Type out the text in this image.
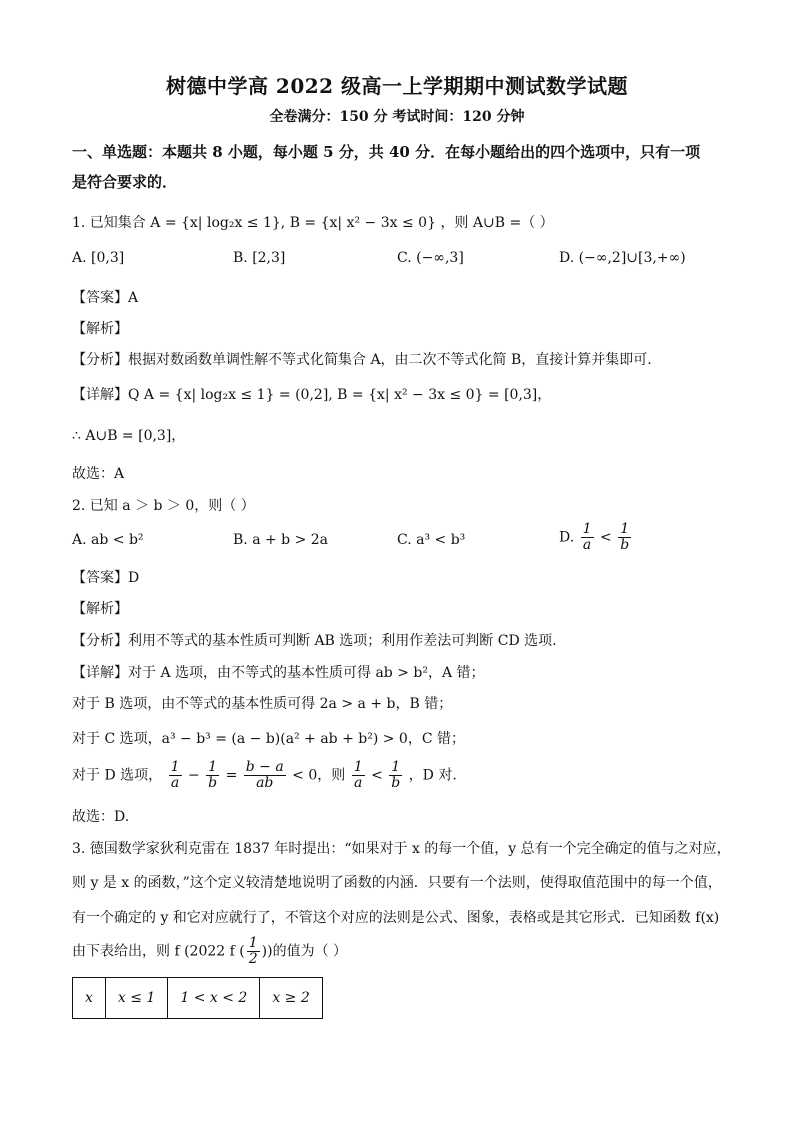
树德中学高 2022 级高一上学期期中测试数学试题
全卷满分：150 分 考试时间：120 分钟
一、单选题：本题共 8 小题，每小题 5 分，共 40 分．在每小题给出的四个选项中，只有一项
是符合要求的．
1. 已知集合 A = {x| log₂x ≤ 1}, B = {x| x² − 3x ≤ 0} ，则 A∪B =（ ）
A. [0,3]	B. [2,3]	C. (−∞,3]	D. (−∞,2]∪[3,+∞)
【答案】A
【解析】
【分析】根据对数函数单调性解不等式化简集合 A，由二次不等式化简 B，直接计算并集即可.
【详解】Q A = {x| log₂x ≤ 1} = (0,2], B = {x| x² − 3x ≤ 0} = [0,3]，
∴ A∪B = [0,3]，
故选：A
2. 已知 a ＞ b ＞ 0，则（ ）
A. ab < b²	B. a + b > 2a	C. a³ < b³	D. $\frac{1}{a} < \frac{1}{b}$
【答案】D
【解析】
【分析】利用不等式的基本性质可判断 AB 选项；利用作差法可判断 CD 选项.
【详解】对于 A 选项，由不等式的基本性质可得 ab > b²，A 错；
对于 B 选项，由不等式的基本性质可得 2a > a + b，B 错；
对于 C 选项，a³ − b³ = (a − b)(a² + ab + b²) > 0，C 错；
对于 D 选项， $\frac{1}{a} - \frac{1}{b} = \frac{b - a}{ab} < 0$，则 $\frac{1}{a} < \frac{1}{b}$ ，D 对.
故选：D.
3. 德国数学家狄利克雷在 1837 年时提出：“如果对于 x 的每一个值，y 总有一个完全确定的值与之对应，
则 y 是 x 的函数，”这个定义较清楚地说明了函数的内涵．只要有一个法则，使得取值范围中的每一个值，
有一个确定的 y 和它对应就行了，不管这个对应的法则是公式、图象，表格或是其它形式．已知函数 f(x)
由下表给出，则 f (2022 f ( $\frac{1}{2}$ ))的值为（ ）
x	x ≤ 1	1 < x < 2	x ≥ 2
